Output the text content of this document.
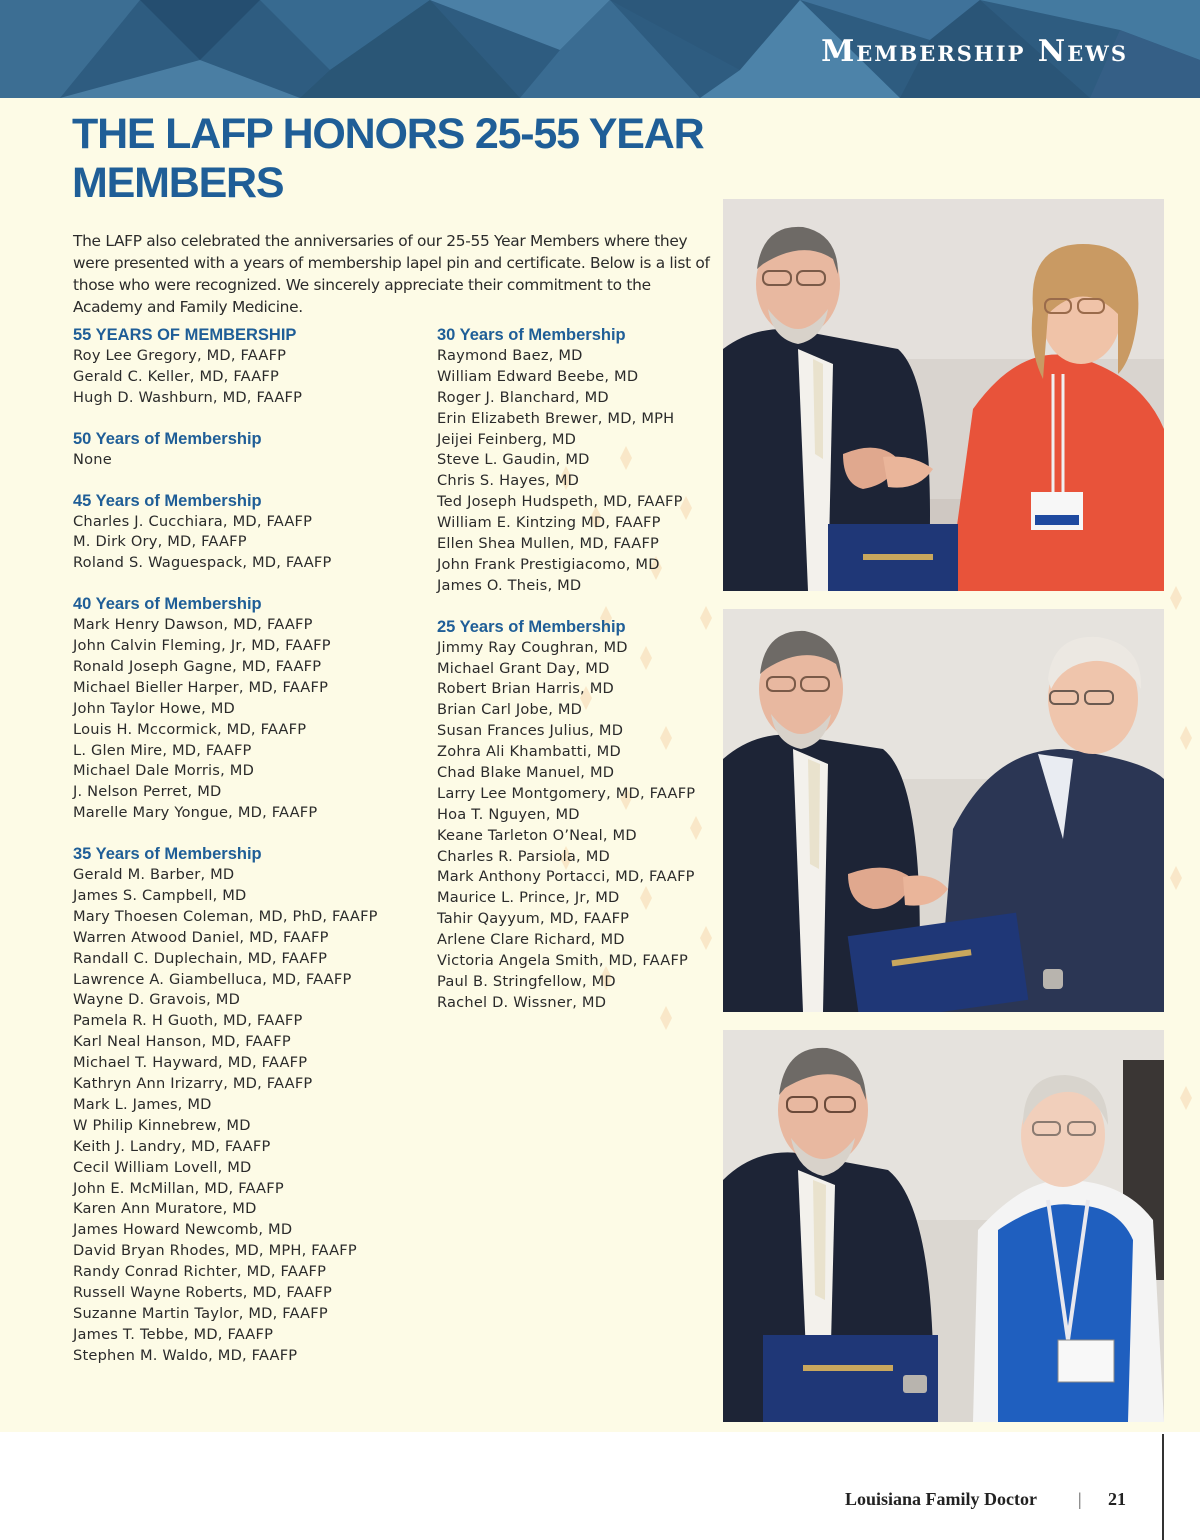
Membership News
THE LAFP HONORS 25-55 YEAR MEMBERS

The LAFP also celebrated the anniversaries of our 25-55 Year Members where they were presented with a years of membership lapel pin and certificate. Below is a list of those who were recognized. We sincerely appreciate their commitment to the Academy and Family Medicine.

55 YEARS OF MEMBERSHIP
Roy Lee Gregory, MD, FAAFP
Gerald C. Keller, MD, FAAFP
Hugh D. Washburn, MD, FAAFP
50 Years of Membership
None
45 Years of Membership
Charles J. Cucchiara, MD, FAAFP
M. Dirk Ory, MD, FAAFP
Roland S. Waguespack, MD, FAAFP
40 Years of Membership
Mark Henry Dawson, MD, FAAFP
John Calvin Fleming, Jr, MD, FAAFP
Ronald Joseph Gagne, MD, FAAFP
Michael Bieller Harper, MD, FAAFP
John Taylor Howe, MD
Louis H. Mccormick, MD, FAAFP
L. Glen Mire, MD, FAAFP
Michael Dale Morris, MD
J. Nelson Perret, MD
Marelle Mary Yongue, MD, FAAFP
35 Years of Membership
Gerald M. Barber, MD
James S. Campbell, MD
Mary Thoesen Coleman, MD, PhD, FAAFP
Warren Atwood Daniel, MD, FAAFP
Randall C. Duplechain, MD, FAAFP
Lawrence A. Giambelluca, MD, FAAFP
Wayne D. Gravois, MD
Pamela R. H Guoth, MD, FAAFP
Karl Neal Hanson, MD, FAAFP
Michael T. Hayward, MD, FAAFP
Kathryn Ann Irizarry, MD, FAAFP
Mark L. James, MD
W Philip Kinnebrew, MD
Keith J. Landry, MD, FAAFP
Cecil William Lovell, MD
John E. McMillan, MD, FAAFP
Karen Ann Muratore, MD
James Howard Newcomb, MD
David Bryan Rhodes, MD, MPH, FAAFP
Randy Conrad Richter, MD, FAAFP
Russell Wayne Roberts, MD, FAAFP
Suzanne Martin Taylor, MD, FAAFP
James T. Tebbe, MD, FAAFP
Stephen M. Waldo, MD, FAAFP
30 Years of Membership
Raymond Baez, MD
William Edward Beebe, MD
Roger J. Blanchard, MD
Erin Elizabeth Brewer, MD, MPH
Jeijei Feinberg, MD
Steve L. Gaudin, MD
Chris S. Hayes, MD
Ted Joseph Hudspeth, MD, FAAFP
William E. Kintzing MD, FAAFP
Ellen Shea Mullen, MD, FAAFP
John Frank Prestigiacomo, MD
James O. Theis, MD
25 Years of Membership
Jimmy Ray Coughran, MD
Michael Grant Day, MD
Robert Brian Harris, MD
Brian Carl Jobe, MD
Susan Frances Julius, MD
Zohra Ali Khambatti, MD
Chad Blake Manuel, MD
Larry Lee Montgomery, MD, FAAFP
Hoa T. Nguyen, MD
Keane Tarleton O’Neal, MD
Charles R. Parsiola, MD
Mark Anthony Portacci, MD, FAAFP
Maurice L. Prince, Jr, MD
Tahir Qayyum, MD, FAAFP
Arlene Clare Richard, MD
Victoria Angela Smith, MD, FAAFP
Paul B. Stringfellow, MD
Rachel D. Wissner, MD
Louisiana Family Doctor | 21
